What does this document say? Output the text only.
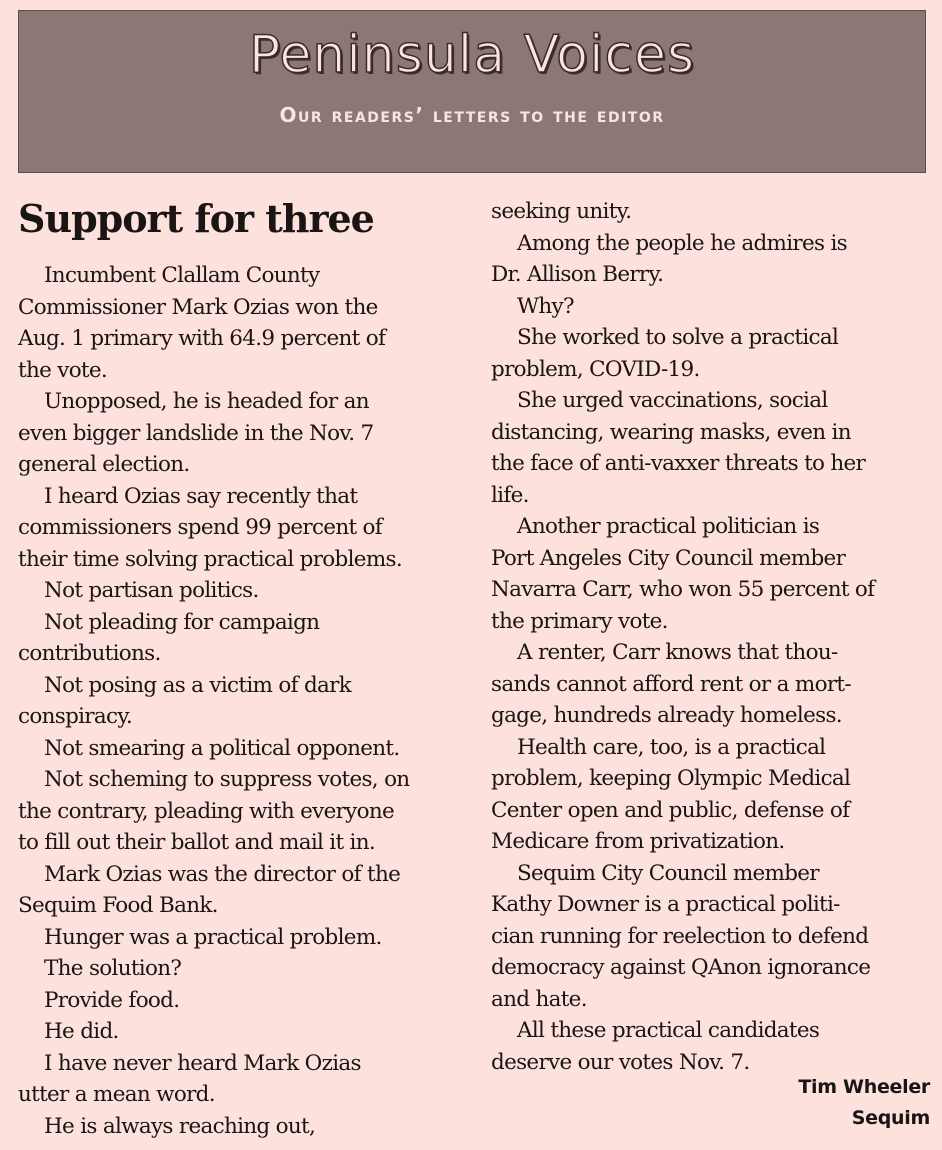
Peninsula Voices
Our readers’ letters to the editor
Support for three
Incumbent Clallam County
Commissioner Mark Ozias won the
Aug. 1 primary with 64.9 percent of
the vote.
Unopposed, he is headed for an
even bigger landslide in the Nov. 7
general election.
I heard Ozias say recently that
commissioners spend 99 percent of
their time solving practical problems.
Not partisan politics.
Not pleading for campaign
contributions.
Not posing as a victim of dark
conspiracy.
Not smearing a political opponent.
Not scheming to suppress votes, on
the contrary, pleading with everyone
to fill out their ballot and mail it in.
Mark Ozias was the director of the
Sequim Food Bank.
Hunger was a practical problem.
The solution?
Provide food.
He did.
I have never heard Mark Ozias
utter a mean word.
He is always reaching out,
seeking unity.
Among the people he admires is
Dr. Allison Berry.
Why?
She worked to solve a practical
problem, COVID-19.
She urged vaccinations, social
distancing, wearing masks, even in
the face of anti-vaxxer threats to her
life.
Another practical politician is
Port Angeles City Council member
Navarra Carr, who won 55 percent of
the primary vote.
A renter, Carr knows that thou-
sands cannot afford rent or a mort-
gage, hundreds already homeless.
Health care, too, is a practical
problem, keeping Olympic Medical
Center open and public, defense of
Medicare from privatization.
Sequim City Council member
Kathy Downer is a practical politi-
cian running for reelection to defend
democracy against QAnon ignorance
and hate.
All these practical candidates
deserve our votes Nov. 7.
Tim Wheeler
Sequim
